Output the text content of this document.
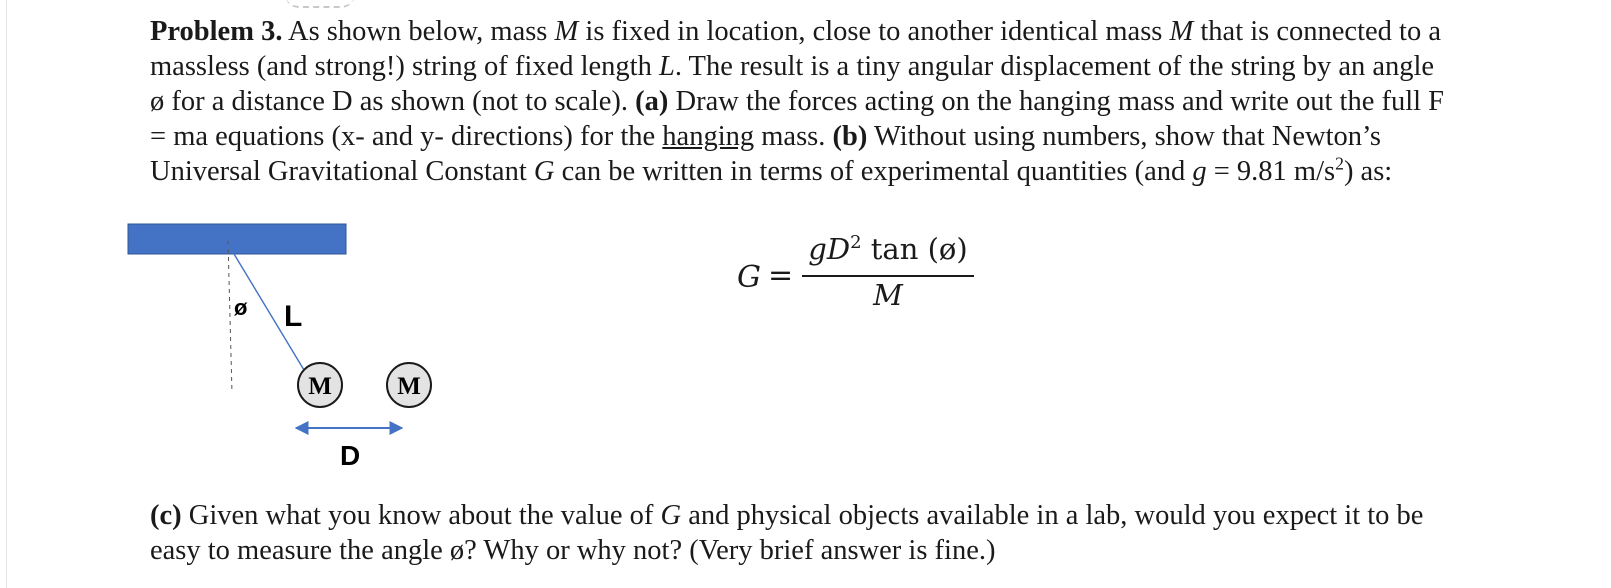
Problem 3. As shown below, mass M is fixed in location, close to another identical mass M that is connected to a
massless (and strong!) string of fixed length L. The result is a tiny angular displacement of the string by an angle
ø for a distance D as shown (not to scale). (a) Draw the forces acting on the hanging mass and write out the full F
= ma equations (x- and y- directions) for the hanging mass. (b) Without using numbers, show that Newton’s
Universal Gravitational Constant G can be written in terms of experimental quantities (and g = 9.81 $m/s^2$) as:
ø L
M	M
D
G =
$gD^2$ tan (ø)
M
(c) Given what you know about the value of G and physical objects available in a lab, would you expect it to be
easy to measure the angle ø? Why or why not? (Very brief answer is fine.)
